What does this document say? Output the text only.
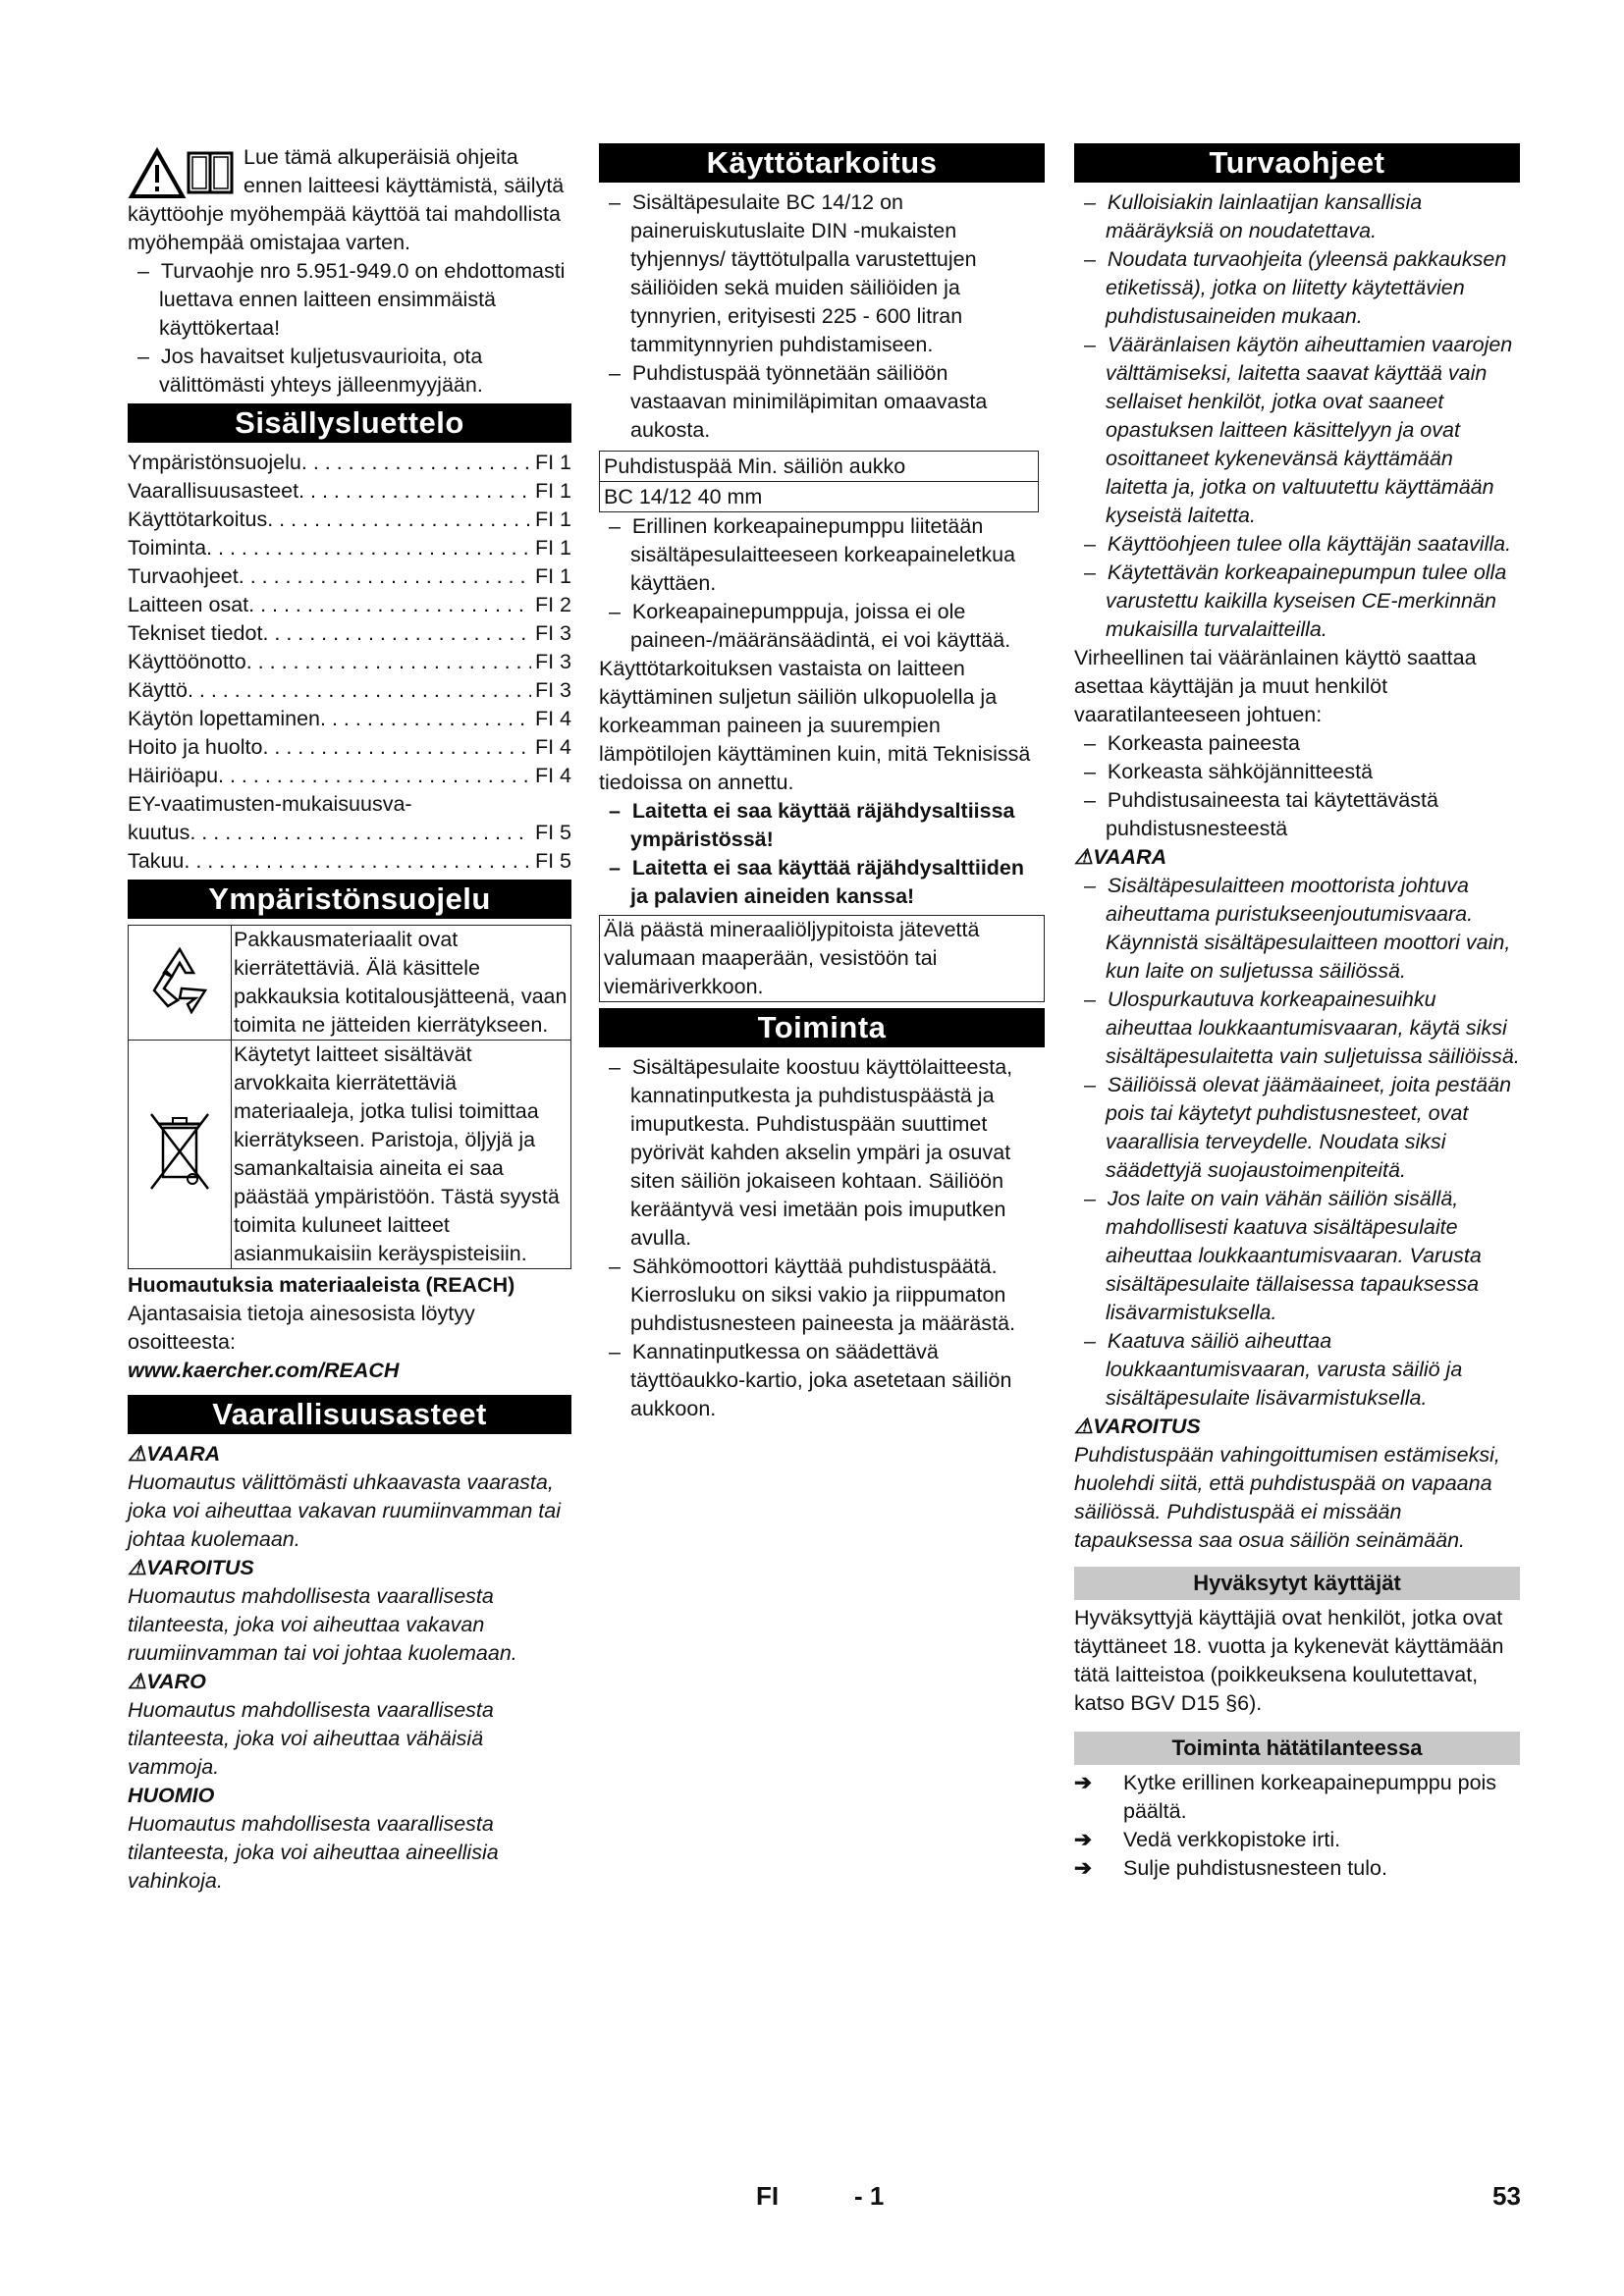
Lue tämä alkuperäisiä ohjeita ennen laitteesi käyttämistä, säilytä käyttöohje myöhempää käyttöä tai mahdollista myöhempää omistajaa varten.

–  Turvaohje nro 5.951-949.0 on ehdottomasti luettava ennen laitteen ensimmäistä käyttökertaa!

–  Jos havaitset kuljetusvaurioita, ota välittömästi yhteys jälleenmyyjään.

Sisällysluettelo
Ympäristönsuojelu . . .	FI 1
Vaarallisuusasteet . . .	FI 1
Käyttötarkoitus . . .	FI 1
Toiminta . . .	FI 1
Turvaohjeet . . .	FI 1
Laitteen osat . . .	FI 2
Tekniset tiedot . . .	FI 3
Käyttöönotto . . .	FI 3
Käyttö . . .	FI 3
Käytön lopettaminen . . .	FI 4
Hoito ja huolto . . .	FI 4
Häiriöapu . . .	FI 4
EY-vaatimusten-mukaisuusva-
kuutus . . .	FI 5
Takuu . . .	FI 5
Ympäristönsuojelu
	Pakkausmateriaalit ovat kierrätettäviä. Älä käsittele pakkauksia kotitalousjätteenä, vaan toimita ne jätteiden kierrätykseen.
	Käytetyt laitteet sisältävät arvokkaita kierrätettäviä materiaaleja, jotka tulisi toimittaa kierrätykseen. Paristoja, öljyjä ja samankaltaisia aineita ei saa päästää ympäristöön. Tästä syystä toimita kuluneet laitteet asianmukaisiin keräyspisteisiin.

Huomautuksia materiaaleista (REACH)

Ajantasaisia tietoja ainesosista löytyy osoitteesta:

www.kaercher.com/REACH

Vaarallisuusasteet

⚠VAARA

Huomautus välittömästi uhkaavasta vaarasta, joka voi aiheuttaa vakavan ruumiinvamman tai johtaa kuolemaan.

⚠VAROITUS

Huomautus mahdollisesta vaarallisesta tilanteesta, joka voi aiheuttaa vakavan ruumiinvamman tai voi johtaa kuolemaan.

⚠VARO

Huomautus mahdollisesta vaarallisesta tilanteesta, joka voi aiheuttaa vähäisiä vammoja.

HUOMIO

Huomautus mahdollisesta vaarallisesta tilanteesta, joka voi aiheuttaa aineellisia vahinkoja.

Käyttötarkoitus

–  Sisältäpesulaite BC 14/12 on paineruiskutuslaite DIN -mukaisten tyhjennys/ täyttötulpalla varustettujen säiliöiden sekä muiden säiliöiden ja tynnyrien, erityisesti 225 - 600 litran tammitynnyrien puhdistamiseen.

–  Puhdistuspää työnnetään säiliöön vastaavan minimiläpimitan omaavasta aukosta.

Puhdistuspää Min. säiliön aukko
BC 14/12 40 mm

–  Erillinen korkeapainepumppu liitetään sisältäpesulaitteeseen korkeapaineletkua käyttäen.

–  Korkeapainepumppuja, joissa ei ole paineen-/määränsäädintä, ei voi käyttää.

Käyttötarkoituksen vastaista on laitteen käyttäminen suljetun säiliön ulkopuolella ja korkeamman paineen ja suurempien lämpötilojen käyttäminen kuin, mitä Teknisissä tiedoissa on annettu.

–  Laitetta ei saa käyttää räjähdysaltiissa ympäristössä!

–  Laitetta ei saa käyttää räjähdysalttiiden ja palavien aineiden kanssa!

Älä päästä mineraaliöljypitoista jätevettä valumaan maaperään, vesistöön tai viemäriverkkoon.
Toiminta

–  Sisältäpesulaite koostuu käyttölaitteesta, kannatinputkesta ja puhdistuspäästä ja imuputkesta. Puhdistuspään suuttimet pyörivät kahden akselin ympäri ja osuvat siten säiliön jokaiseen kohtaan. Säiliöön kerääntyvä vesi imetään pois imuputken avulla.

–  Sähkömoottori käyttää puhdistuspäätä. Kierrosluku on siksi vakio ja riippumaton puhdistusnesteen paineesta ja määrästä.

–  Kannatinputkessa on säädettävä täyttöaukko-kartio, joka asetetaan säiliön aukkoon.

Turvaohjeet

–  Kulloisiakin lainlaatijan kansallisia määräyksiä on noudatettava.

–  Noudata turvaohjeita (yleensä pakkauksen etiketissä), jotka on liitetty käytettävien puhdistusaineiden mukaan.

–  Vääränlaisen käytön aiheuttamien vaarojen välttämiseksi, laitetta saavat käyttää vain sellaiset henkilöt, jotka ovat saaneet opastuksen laitteen käsittelyyn ja ovat osoittaneet kykenevänsä käyttämään laitetta ja, jotka on valtuutettu käyttämään kyseistä laitetta.

–  Käyttöohjeen tulee olla käyttäjän saatavilla.

–  Käytettävän korkeapainepumpun tulee olla varustettu kaikilla kyseisen CE-merkinnän mukaisilla turvalaitteilla.

Virheellinen tai vääränlainen käyttö saattaa asettaa käyttäjän ja muut henkilöt vaaratilanteeseen johtuen:

–  Korkeasta paineesta

–  Korkeasta sähköjännitteestä

–  Puhdistusaineesta tai käytettävästä puhdistusnesteestä

⚠VAARA

–  Sisältäpesulaitteen moottorista johtuva aiheuttama puristukseenjoutumisvaara. Käynnistä sisältäpesulaitteen moottori vain, kun laite on suljetussa säiliössä.

–  Ulospurkautuva korkeapainesuihku aiheuttaa loukkaantumisvaaran, käytä siksi sisältäpesulaitetta vain suljetuissa säiliöissä.

–  Säiliöissä olevat jäämäaineet, joita pestään pois tai käytetyt puhdistusnesteet, ovat vaarallisia terveydelle. Noudata siksi säädettyjä suojaustoimenpiteitä.

–  Jos laite on vain vähän säiliön sisällä, mahdollisesti kaatuva sisältäpesulaite aiheuttaa loukkaantumisvaaran. Varusta sisältäpesulaite tällaisessa tapauksessa lisävarmistuksella.

–  Kaatuva säiliö aiheuttaa loukkaantumisvaaran, varusta säiliö ja sisältäpesulaite lisävarmistuksella.

⚠VAROITUS

Puhdistuspään vahingoittumisen estämiseksi, huolehdi siitä, että puhdistuspää on vapaana säiliössä. Puhdistuspää ei missään tapauksessa saa osua säiliön seinämään.

Hyväksytyt käyttäjät

Hyväksyttyjä käyttäjiä ovat henkilöt, jotka ovat täyttäneet 18. vuotta ja kykenevät käyttämään tätä laitteistoa (poikkeuksena koulutettavat, katso BGV D15 §6).

Toiminta hätätilanteessa

➔ Kytke erillinen korkeapainepumppu pois päältä.

➔ Vedä verkkopistoke irti.

➔ Sulje puhdistusnesteen tulo.

FI	- 1	53
